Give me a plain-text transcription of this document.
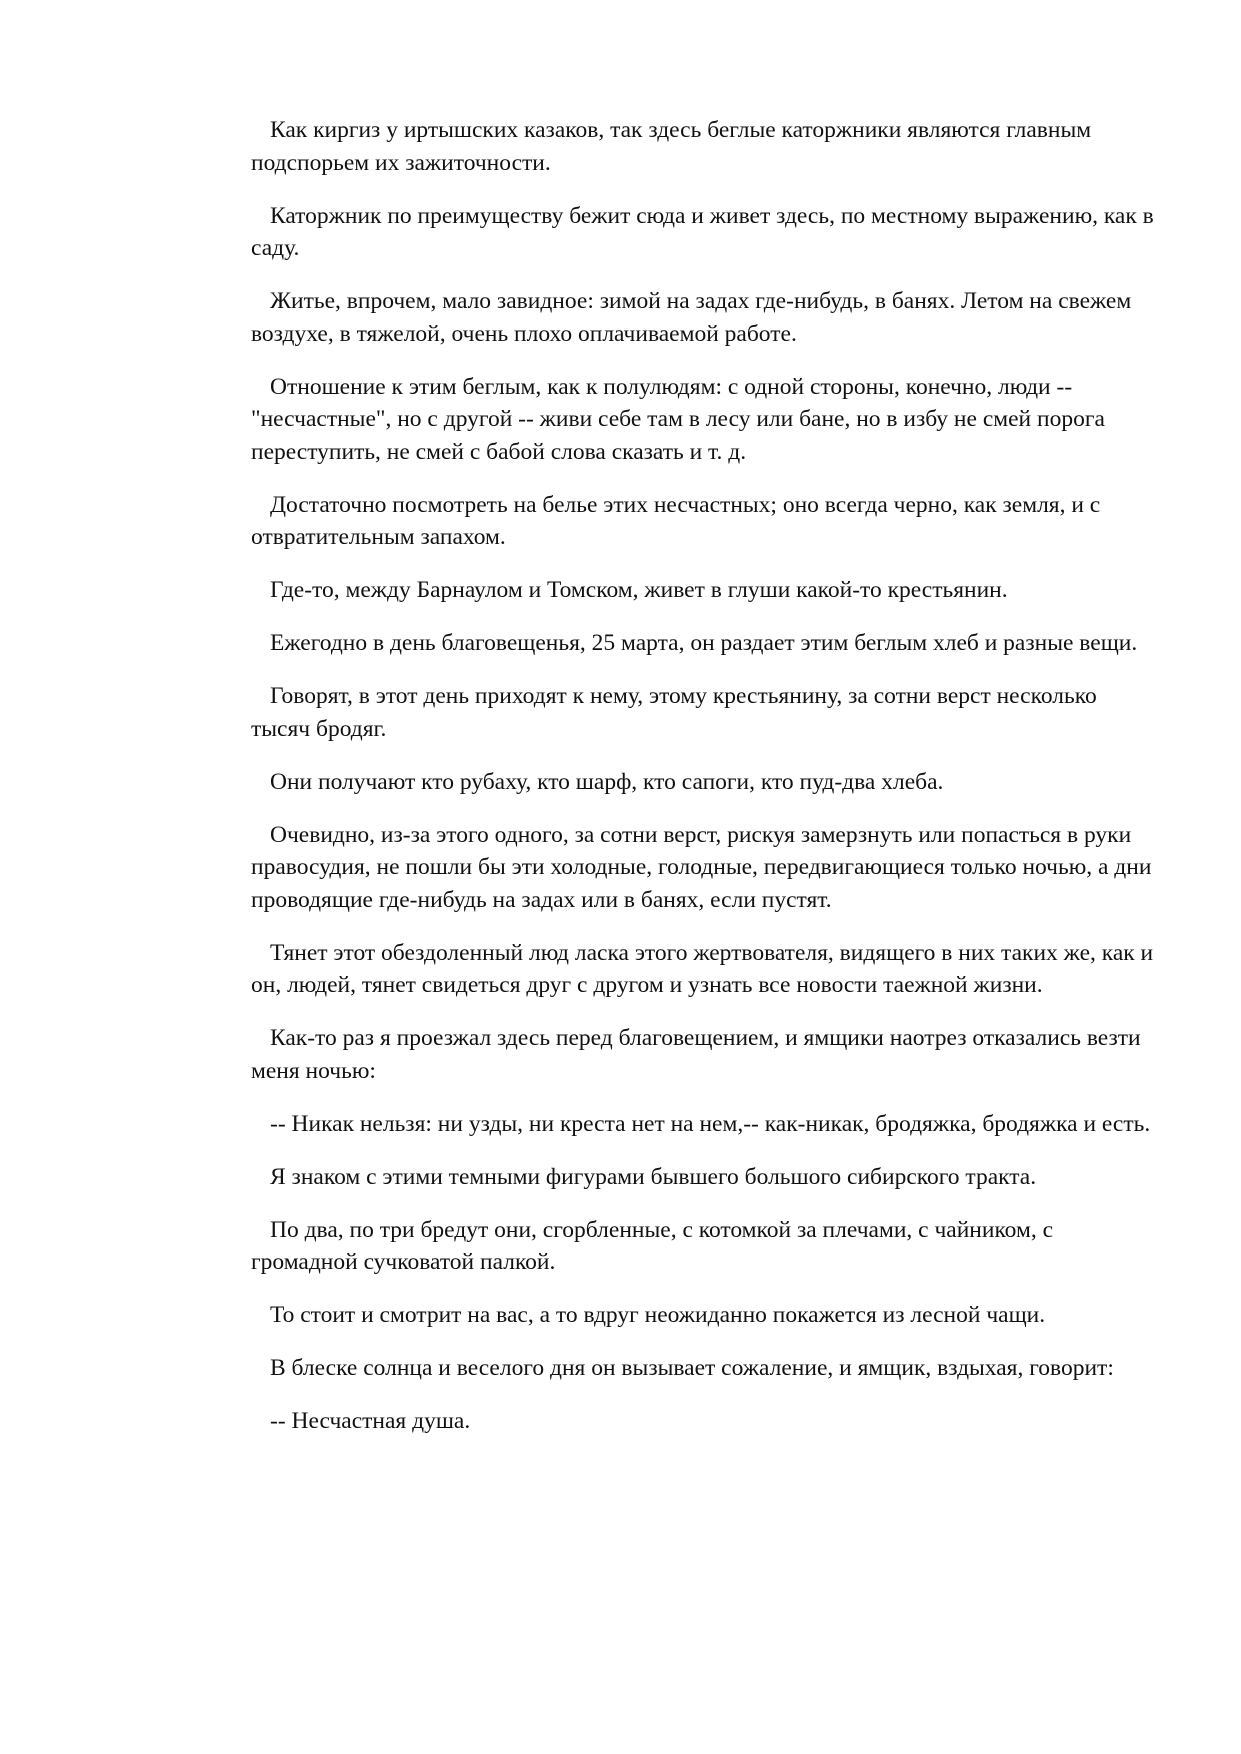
Как киргиз у иртышских казаков, так здесь беглые каторжники являются главным подспорьем их зажиточности.

Каторжник по преимуществу бежит сюда и живет здесь, по местному выражению, как в саду.

Житье, впрочем, мало завидное: зимой на задах где-нибудь, в банях. Летом на свежем воздухе, в тяжелой, очень плохо оплачиваемой работе.

Отношение к этим беглым, как к полулюдям: с одной стороны, конечно, люди -- "несчастные", но с другой -- живи себе там в лесу или бане, но в избу не смей порога переступить, не смей с бабой слова сказать и т. д.

Достаточно посмотреть на белье этих несчастных; оно всегда черно, как земля, и с отвратительным запахом.

Где-то, между Барнаулом и Томском, живет в глуши какой-то крестьянин.

Ежегодно в день благовещенья, 25 марта, он раздает этим беглым хлеб и разные вещи.

Говорят, в этот день приходят к нему, этому крестьянину, за сотни верст несколько тысяч бродяг.

Они получают кто рубаху, кто шарф, кто сапоги, кто пуд-два хлеба.

Очевидно, из-за этого одного, за сотни верст, рискуя замерзнуть или попасться в руки правосудия, не пошли бы эти холодные, голодные, передвигающиеся только ночью, а дни проводящие где-нибудь на задах или в банях, если пустят.

Тянет этот обездоленный люд ласка этого жертвователя, видящего в них таких же, как и он, людей, тянет свидеться друг с другом и узнать все новости таежной жизни.

Как-то раз я проезжал здесь перед благовещением, и ямщики наотрез отказались везти меня ночью:

-- Никак нельзя: ни узды, ни креста нет на нем,-- как-никак, бродяжка, бродяжка и есть.

Я знаком с этими темными фигурами бывшего большого сибирского тракта.

По два, по три бредут они, сгорбленные, с котомкой за плечами, с чайником, с громадной сучковатой палкой.

То стоит и смотрит на вас, а то вдруг неожиданно покажется из лесной чащи.

В блеске солнца и веселого дня он вызывает сожаление, и ямщик, вздыхая, говорит:

-- Несчастная душа.
